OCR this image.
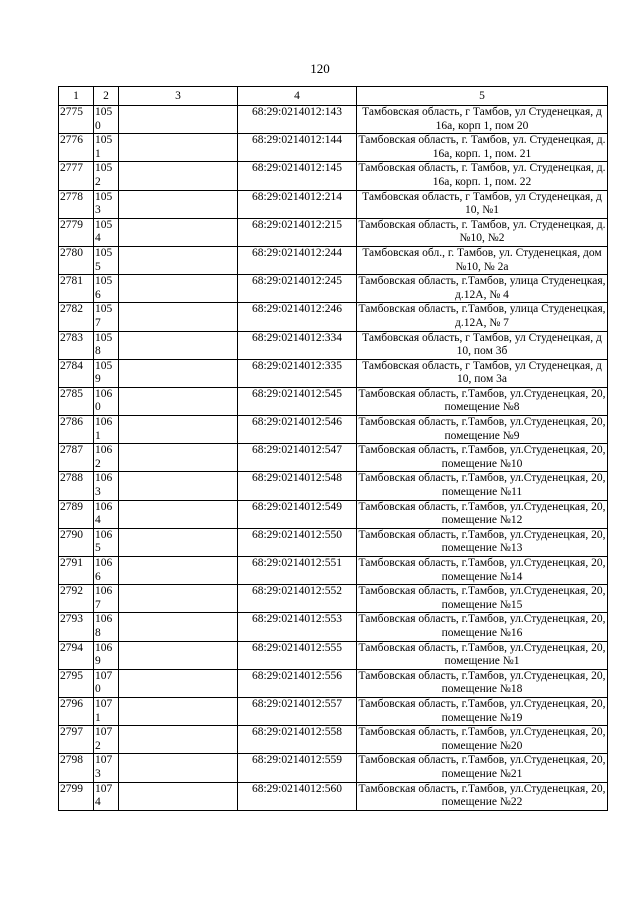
120
1	2	3	4	5
2775	1050		68:29:0214012:143	Тамбовская область, г Тамбов, ул Студенецкая, д 16а, корп 1, пом 20
2776	1051		68:29:0214012:144	Тамбовская область, г. Тамбов, ул. Студенецкая, д. 16а, корп. 1, пом. 21
2777	1052		68:29:0214012:145	Тамбовская область, г. Тамбов, ул. Студенецкая, д. 16а, корп. 1, пом. 22
2778	1053		68:29:0214012:214	Тамбовская область, г Тамбов, ул Студенецкая, д 10, №1
2779	1054		68:29:0214012:215	Тамбовская область, г. Тамбов, ул. Студенецкая, д. №10, №2
2780	1055		68:29:0214012:244	Тамбовская обл., г. Тамбов, ул. Студенецкая, дом №10, № 2а
2781	1056		68:29:0214012:245	Тамбовская область, г.Тамбов, улица Студенецкая, д.12А, № 4
2782	1057		68:29:0214012:246	Тамбовская область, г.Тамбов, улица Студенецкая, д.12А, № 7
2783	1058		68:29:0214012:334	Тамбовская область, г Тамбов, ул Студенецкая, д 10, пом 3б
2784	1059		68:29:0214012:335	Тамбовская область, г Тамбов, ул Студенецкая, д 10, пом 3а
2785	1060		68:29:0214012:545	Тамбовская область, г.Тамбов, ул.Студенецкая, 20, помещение №8
2786	1061		68:29:0214012:546	Тамбовская область, г.Тамбов, ул.Студенецкая, 20, помещение №9
2787	1062		68:29:0214012:547	Тамбовская область, г.Тамбов, ул.Студенецкая, 20, помещение №10
2788	1063		68:29:0214012:548	Тамбовская область, г.Тамбов, ул.Студенецкая, 20, помещение №11
2789	1064		68:29:0214012:549	Тамбовская область, г.Тамбов, ул.Студенецкая, 20, помещение №12
2790	1065		68:29:0214012:550	Тамбовская область, г.Тамбов, ул.Студенецкая, 20, помещение №13
2791	1066		68:29:0214012:551	Тамбовская область, г.Тамбов, ул.Студенецкая, 20, помещение №14
2792	1067		68:29:0214012:552	Тамбовская область, г.Тамбов, ул.Студенецкая, 20, помещение №15
2793	1068		68:29:0214012:553	Тамбовская область, г.Тамбов, ул.Студенецкая, 20, помещение №16
2794	1069		68:29:0214012:555	Тамбовская область, г.Тамбов, ул.Студенецкая, 20, помещение №1
2795	1070		68:29:0214012:556	Тамбовская область, г.Тамбов, ул.Студенецкая, 20, помещение №18
2796	1071		68:29:0214012:557	Тамбовская область, г.Тамбов, ул.Студенецкая, 20, помещение №19
2797	1072		68:29:0214012:558	Тамбовская область, г.Тамбов, ул.Студенецкая, 20, помещение №20
2798	1073		68:29:0214012:559	Тамбовская область, г.Тамбов, ул.Студенецкая, 20, помещение №21
2799	1074		68:29:0214012:560	Тамбовская область, г.Тамбов, ул.Студенецкая, 20, помещение №22
